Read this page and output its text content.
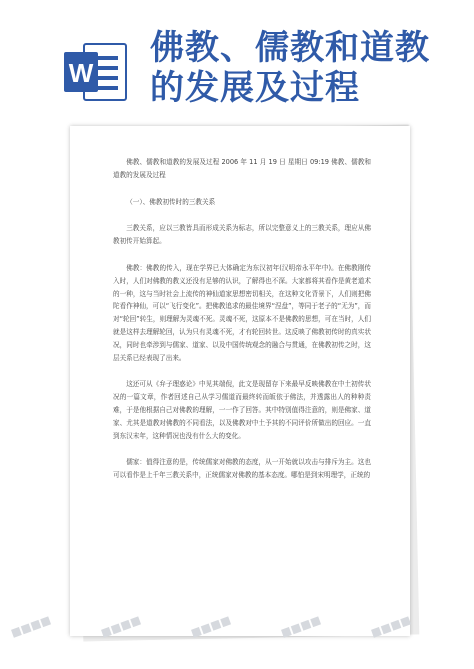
W
佛教、儒教和道教
的发展及过程

佛教、儒教和道教的发展及过程 2006 年 11 月 19 日 星期日 09:19 佛教、儒教和道教的发展及过程

（一）、佛教初传时的三教关系

三教关系，应以三教皆具而形成关系为标志，所以完整意义上的三教关系，理应从佛教初传开始算起。

佛教：佛教的传入，现在学界已大体确定为东汉初年(汉明帝永平年中)。在佛教刚传入时，人们对佛教的教义还没有足够的认识，了解得也不深。大家都将其看作是黄老道术的一种，这与当时社会上流传的神仙道家思想密切相关，在这种文化背景下，人们则把佛陀看作神仙，可以“飞行变化”。把佛教追求的最佳境界“涅盘”，等同于老子的“无为”，而对“轮回”转生，则理解为灵魂不死。灵魂不死，这原本不是佛教的思想，可在当时，人们就是这样去理解轮回，认为只有灵魂不死，才有轮回转世。这反映了佛教初传时的真实状况，同时也牵涉到与儒家、道家、以及中国传统观念的融合与贯通，在佛教初传之时，这层关系已经表现了出来。

这还可从《弁子理惑论》中见其端倪，此文是现留存下来最早反映佛教在中土初传状况的一篇文章，作者回述自己从学习儒道而最终转而皈依于佛法，并透露出人的种种责难，于是他根据自己对佛教的理解，一一作了回答。其中特别值得注意的，则是佛家、道家、尤其是道教对佛教的不同看法，以及佛教对中土予其的不同评价所做出的回应。一直到东汉末年，这种情况也没有什么大的变化。

儒家：值得注意的是，传统儒家对佛教的态度，从一开始就以攻击与排斥为主。这也可以看作是上千年三教关系中，正统儒家对佛教的基本态度。哪怕是到宋明理学，正统的

■■■■	■■■■	■■■■	■■■■	■■■■
